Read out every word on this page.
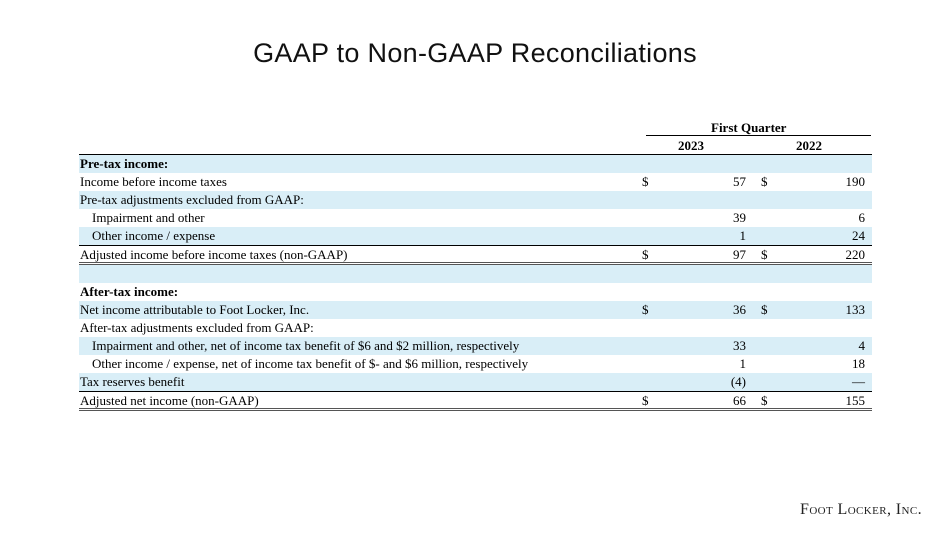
GAAP to Non-GAAP Reconciliations
First Quarter
2023	2022
Pre-tax income:
Income before income taxes	$	57 $	190
Pre-tax adjustments excluded from GAAP:
Impairment and other	39	6
Other income / expense	1	24
Adjusted income before income taxes (non-GAAP)	$	97 $	220
After-tax income:
Net income attributable to Foot Locker, Inc.	$	36 $	133
After-tax adjustments excluded from GAAP:
Impairment and other, net of income tax benefit of $6 and $2 million, respectively	33	4
Other income / expense, net of income tax benefit of $- and $6 million, respectively	1	18
Tax reserves benefit	(4)	—
Adjusted net income (non-GAAP)	$	66 $	155
Foot Locker, Inc.
